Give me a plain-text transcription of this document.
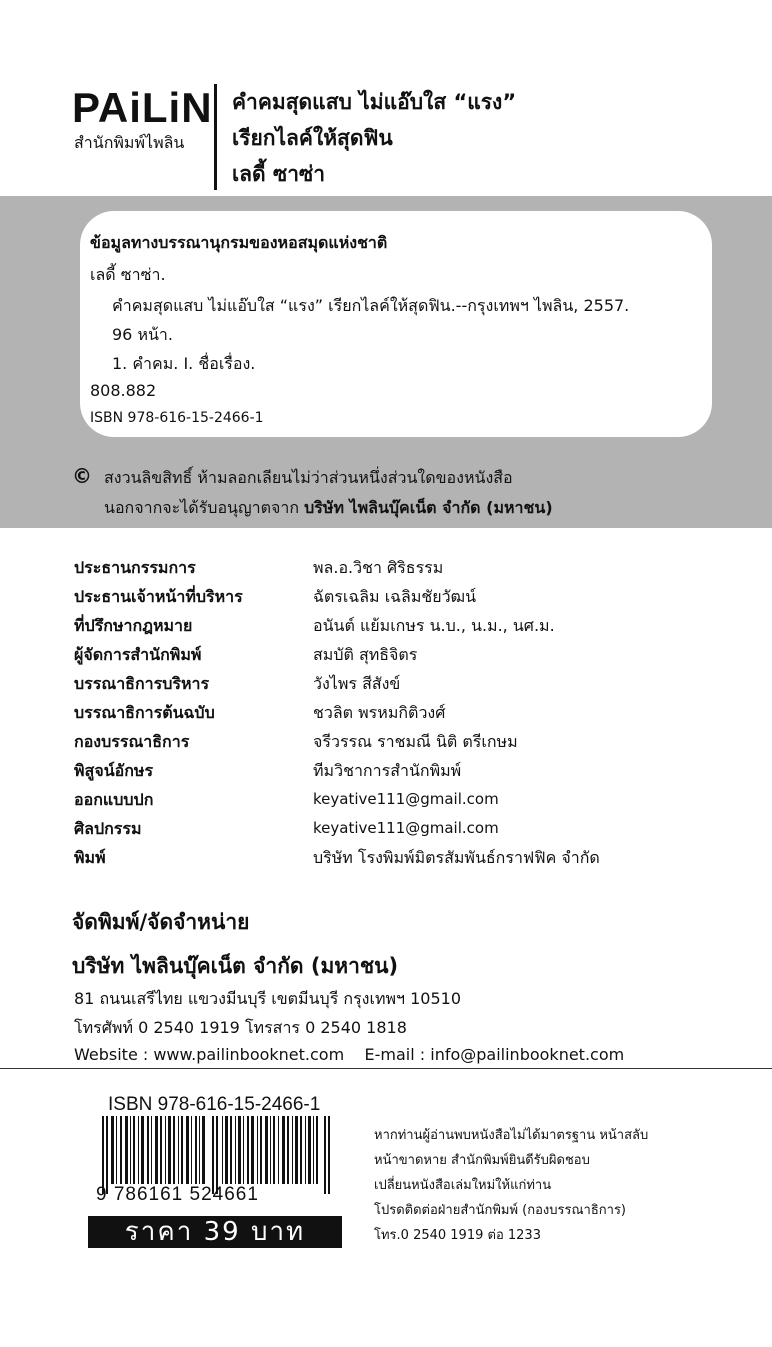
PAiLiN
สำนักพิมพ์ไพลิน
คำคมสุดแสบ ไม่แอ๊บใส “แรง”
เรียกไลค์ให้สุดฟิน
เลดี้ ซาซ่า
ข้อมูลทางบรรณานุกรมของหอสมุดแห่งชาติ
เลดี้ ซาซ่า.
คำคมสุดแสบ ไม่แอ๊บใส “แรง” เรียกไลค์ให้สุดฟิน.--กรุงเทพฯ ไพลิน, 2557.
96 หน้า.
1. คำคม. I. ชื่อเรื่อง.
808.882
ISBN 978-616-15-2466-1
© สงวนลิขสิทธิ์ ห้ามลอกเลียนไม่ว่าส่วนหนึ่งส่วนใดของหนังสือ
นอกจากจะได้รับอนุญาตจาก บริษัท ไพลินบุ๊คเน็ต จำกัด (มหาชน)
ประธานกรรมการ	พล.อ.วิชา ศิริธรรม
ประธานเจ้าหน้าที่บริหาร	ฉัตรเฉลิม เฉลิมชัยวัฒน์
ที่ปรึกษากฎหมาย	อนันต์ แย้มเกษร น.บ., น.ม., นศ.ม.
ผู้จัดการสำนักพิมพ์	สมบัติ สุทธิจิตร
บรรณาธิการบริหาร	วังไพร สีสังข์
บรรณาธิการต้นฉบับ	ชวลิต พรหมกิติวงศ์
กองบรรณาธิการ	จรีวรรณ ราชมณี นิติ ตรีเกษม
พิสูจน์อักษร	ทีมวิชาการสำนักพิมพ์
ออกแบบปก	keyative111@gmail.com
ศิลปกรรม	keyative111@gmail.com
พิมพ์	บริษัท โรงพิมพ์มิตรสัมพันธ์กราฟฟิค จำกัด
จัดพิมพ์/จัดจำหน่าย
บริษัท ไพลินบุ๊คเน็ต จำกัด (มหาชน)
81 ถนนเสรีไทย แขวงมีนบุรี เขตมีนบุรี กรุงเทพฯ 10510
โทรศัพท์ 0 2540 1919 โทรสาร 0 2540 1818
Website : www.pailinbooknet.com    E-mail : info@pailinbooknet.com
ISBN 978-616-15-2466-1
9 786161 524661
ราคา 39 บาท
หากท่านผู้อ่านพบหนังสือไม่ได้มาตรฐาน หน้าสลับ
หน้าขาดหาย สำนักพิมพ์ยินดีรับผิดชอบ
เปลี่ยนหนังสือเล่มใหม่ให้แก่ท่าน
โปรดติดต่อฝ่ายสำนักพิมพ์ (กองบรรณาธิการ)
โทร.0 2540 1919 ต่อ 1233
